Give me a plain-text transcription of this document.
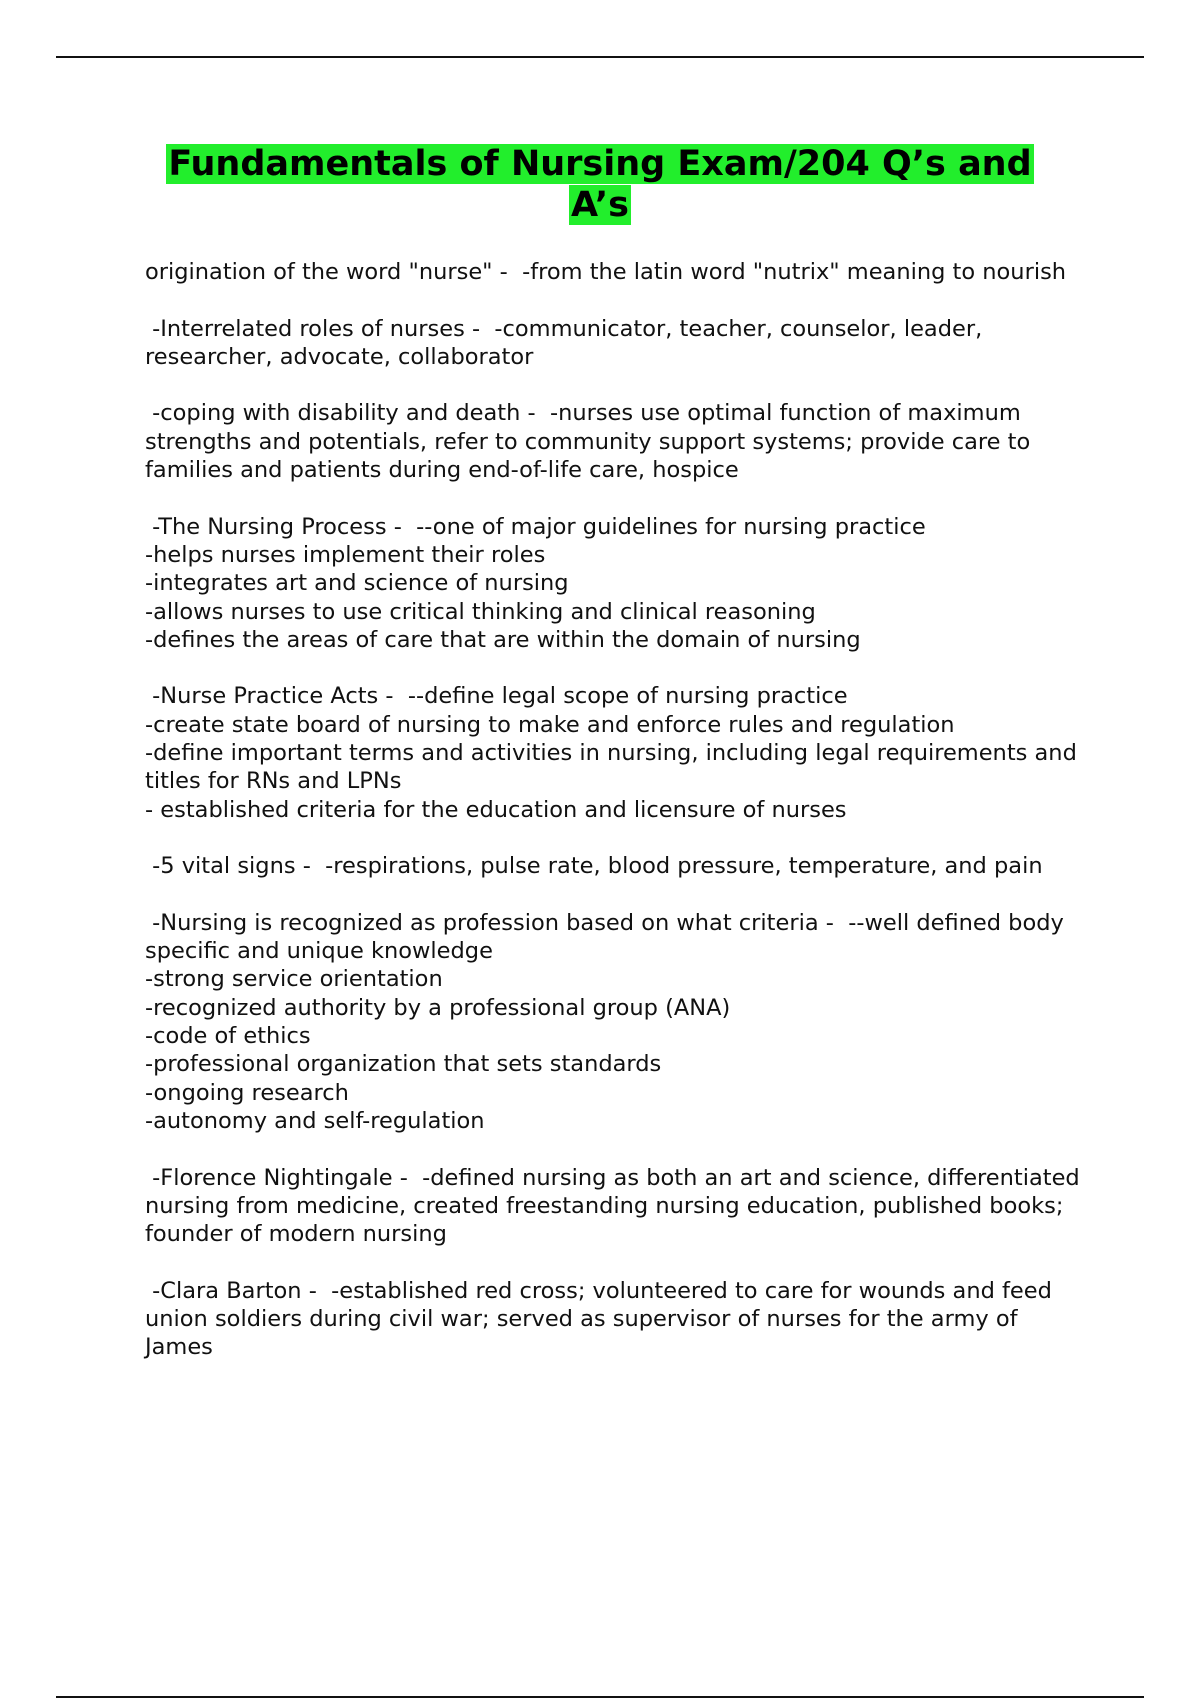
Fundamentals of Nursing Exam/204 Q’s and A’s
origination of the word "nurse" -  -from the latin word "nutrix" meaning to nourish
-Interrelated roles of nurses -  -communicator, teacher, counselor, leader, researcher, advocate, collaborator
-coping with disability and death -  -nurses use optimal function of maximum strengths and potentials, refer to community support systems; provide care to families and patients during end-of-life care, hospice
-The Nursing Process -  --one of major guidelines for nursing practice
-helps nurses implement their roles
-integrates art and science of nursing
-allows nurses to use critical thinking and clinical reasoning
-defines the areas of care that are within the domain of nursing
-Nurse Practice Acts -  --define legal scope of nursing practice
-create state board of nursing to make and enforce rules and regulation
-define important terms and activities in nursing, including legal requirements and titles for RNs and LPNs
- established criteria for the education and licensure of nurses
-5 vital signs -  -respirations, pulse rate, blood pressure, temperature, and pain
-Nursing is recognized as profession based on what criteria -  --well defined body specific and unique knowledge
-strong service orientation
-recognized authority by a professional group (ANA)
-code of ethics
-professional organization that sets standards
-ongoing research
-autonomy and self-regulation
-Florence Nightingale -  -defined nursing as both an art and science, differentiated nursing from medicine, created freestanding nursing education, published books; founder of modern nursing
-Clara Barton -  -established red cross; volunteered to care for wounds and feed union soldiers during civil war; served as supervisor of nurses for the army of James
